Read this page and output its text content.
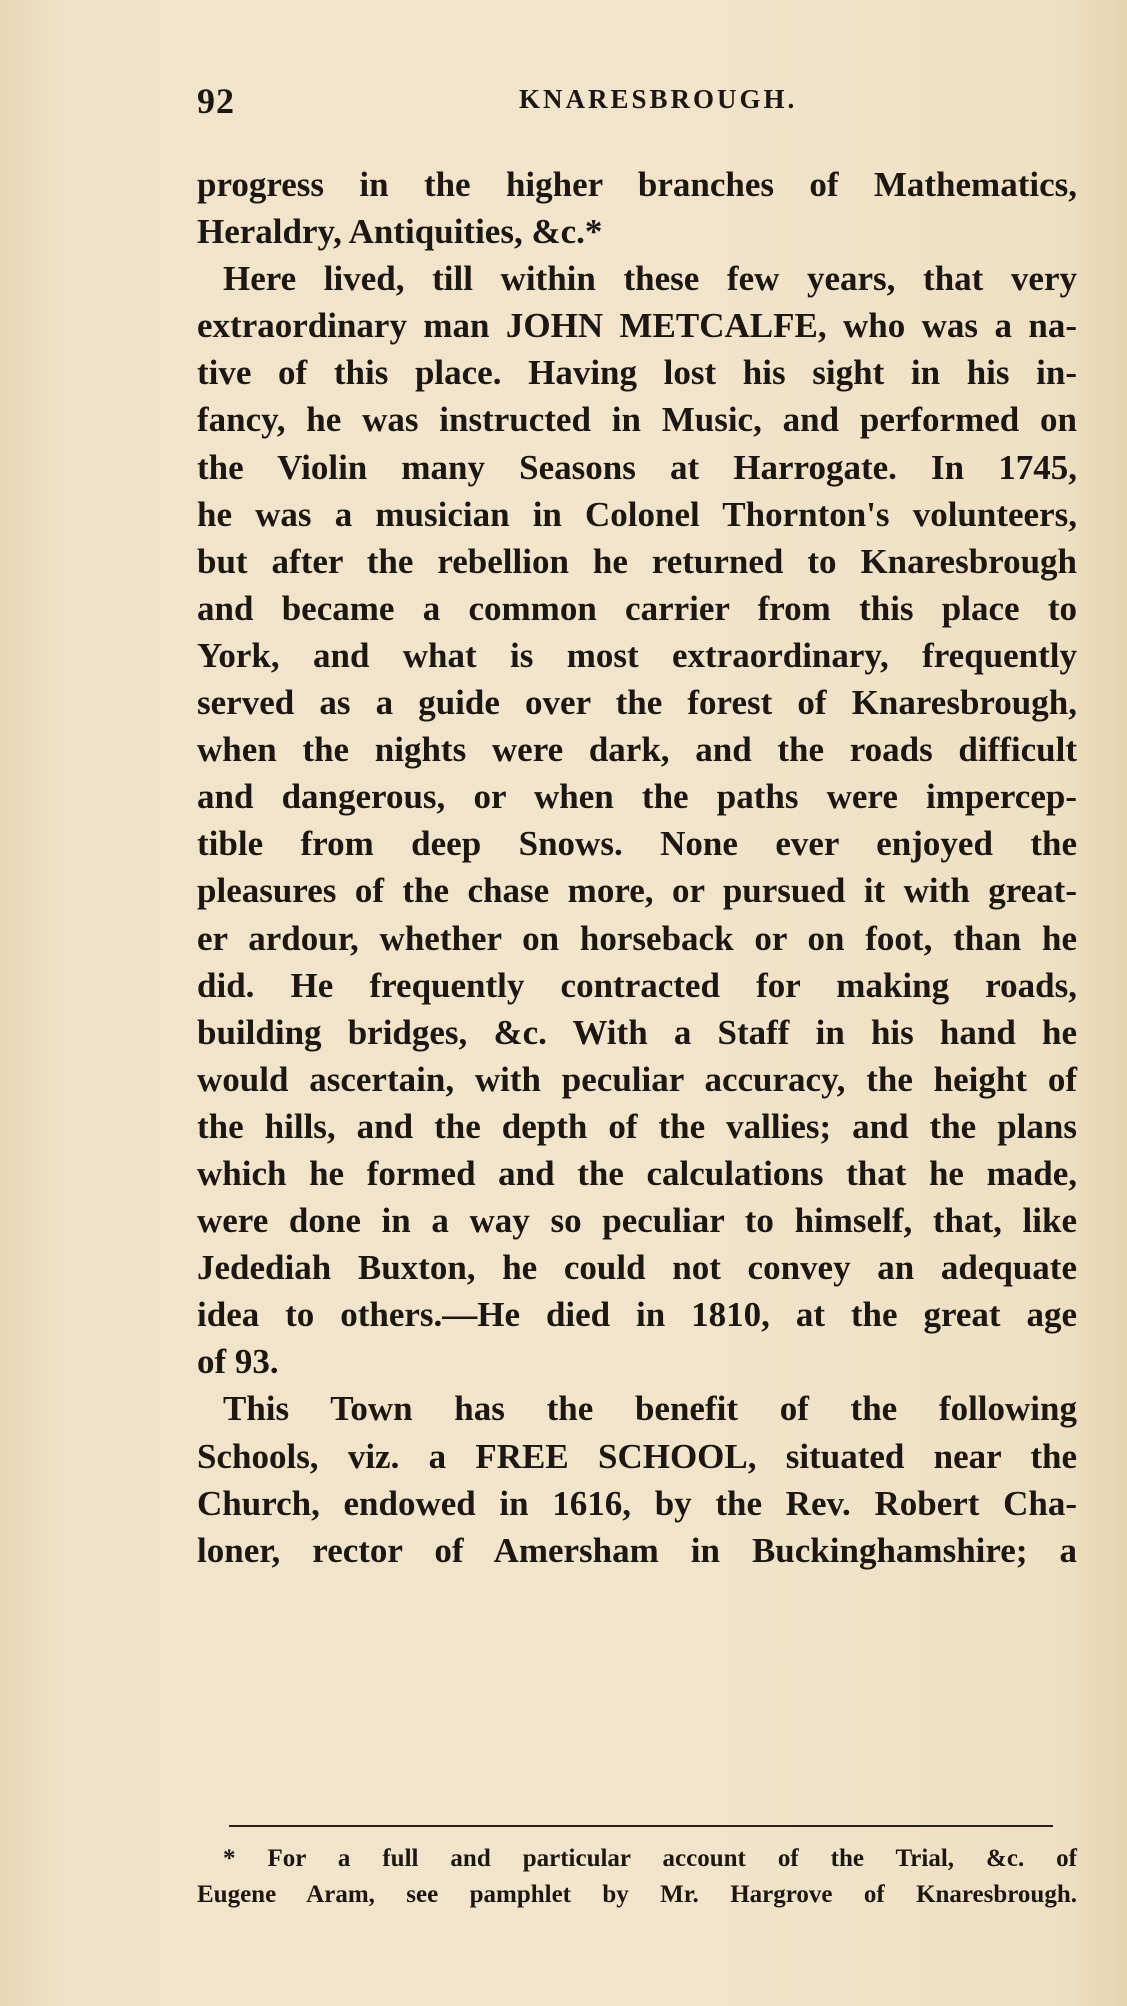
92	KNARESBROUGH.
progress in the higher branches of Mathematics,
Heraldry, Antiquities, &c.*
Here lived, till within these few years, that very
extraordinary man JOHN METCALFE, who was a na-
tive of this place. Having lost his sight in his in-
fancy, he was instructed in Music, and performed on
the Violin many Seasons at Harrogate. In 1745,
he was a musician in Colonel Thornton's volunteers,
but after the rebellion he returned to Knaresbrough
and became a common carrier from this place to
York, and what is most extraordinary, frequently
served as a guide over the forest of Knaresbrough,
when the nights were dark, and the roads difficult
and dangerous, or when the paths were impercep-
tible from deep Snows. None ever enjoyed the
pleasures of the chase more, or pursued it with great-
er ardour, whether on horseback or on foot, than he
did. He frequently contracted for making roads,
building bridges, &c. With a Staff in his hand he
would ascertain, with peculiar accuracy, the height of
the hills, and the depth of the vallies; and the plans
which he formed and the calculations that he made,
were done in a way so peculiar to himself, that, like
Jedediah Buxton, he could not convey an adequate
idea to others.—He died in 1810, at the great age
of 93.
This Town has the benefit of the following
Schools, viz. a FREE SCHOOL, situated near the
Church, endowed in 1616, by the Rev. Robert Cha-
loner, rector of Amersham in Buckinghamshire; a
* For a full and particular account of the Trial, &c. of
Eugene Aram, see pamphlet by Mr. Hargrove of Knaresbrough.
